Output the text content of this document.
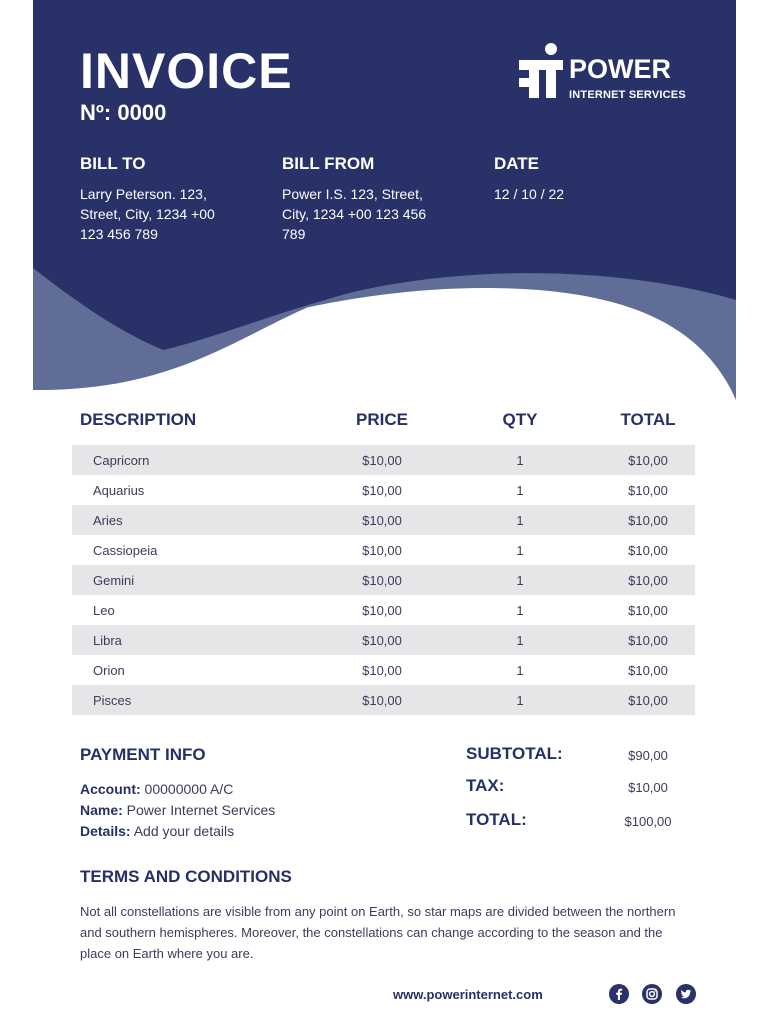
INVOICE
Nº: 0000
POWER
INTERNET SERVICES
BILL TO
Larry Peterson. 123, Street, City, 1234 +00 123 456 789
BILL FROM
Power I.S. 123, Street, City, 1234 +00 123 456 789
DATE
12 / 10 / 22
DESCRIPTION	PRICE	QTY	TOTAL
Capricorn	$10,00	1	$10,00
Aquarius	$10,00	1	$10,00
Aries	$10,00	1	$10,00
Cassiopeia	$10,00	1	$10,00
Gemini	$10,00	1	$10,00
Leo	$10,00	1	$10,00
Libra	$10,00	1	$10,00
Orion	$10,00	1	$10,00
Pisces	$10,00	1	$10,00
PAYMENT INFO
Account: 00000000 A/C
Name: Power Internet Services
Details: Add your details
SUBTOTAL:	$90,00
TAX:	$10,00
TOTAL:	$100,00
TERMS AND CONDITIONS
Not all constellations are visible from any point on Earth, so star maps are divided between the northern and southern hemispheres. Moreover, the constellations can change according to the season and the place on Earth where you are.
www.powerinternet.com
